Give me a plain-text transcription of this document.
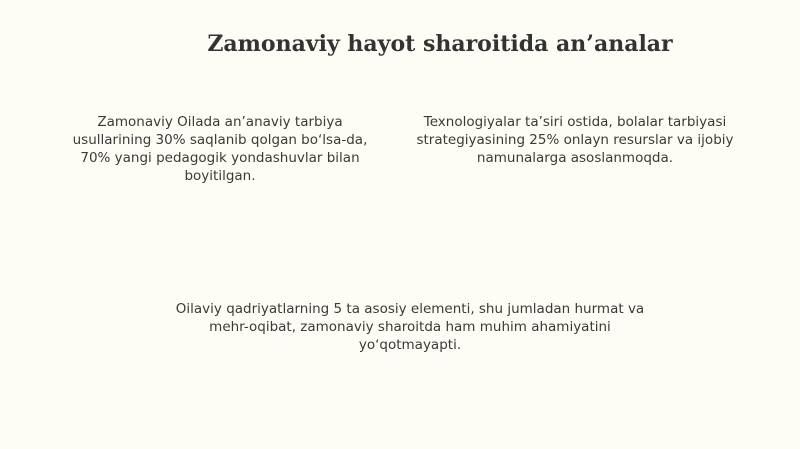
Zamonaviy hayot sharoitida an’analar

Zamonaviy Oilada an’anaviy tarbiya
usullarining 30% saqlanib qolgan boʻlsa-da,
70% yangi pedagogik yondashuvlar bilan
boyitilgan.

Texnologiyalar ta’siri ostida, bolalar tarbiyasi
strategiyasining 25% onlayn resurslar va ijobiy
namunalarga asoslanmoqda.

Oilaviy qadriyatlarning 5 ta asosiy elementi, shu jumladan hurmat va
mehr-oqibat, zamonaviy sharoitda ham muhim ahamiyatini
yoʻqotmayapti.
